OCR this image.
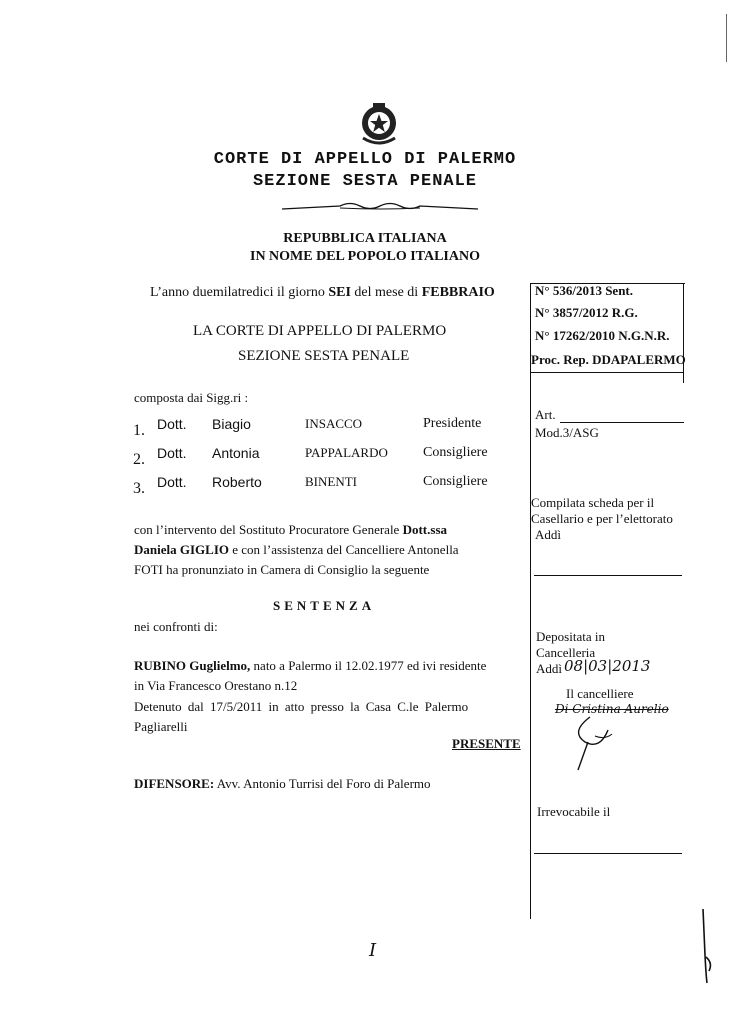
CORTE DI APPELLO DI PALERMO
SEZIONE SESTA PENALE
REPUBBLICA ITALIANA
IN NOME DEL POPOLO ITALIANO
L’anno duemilatredici il giorno SEI del mese di FEBBRAIO
LA CORTE DI APPELLO DI PALERMO
SEZIONE SESTA PENALE
composta dai Sigg.ri :
1. Dott. Biagio	INSACCO	Presidente
2. Dott. Antonia	PAPPALARDO	Consigliere
3. Dott. Roberto	BINENTI	Consigliere
con l’intervento del Sostituto Procuratore Generale Dott.ssa
Daniela GIGLIO e con l’assistenza del Cancelliere Antonella
FOTI ha pronunziato in Camera di Consiglio la seguente
SENTENZA
nei confronti di:
RUBINO Guglielmo, nato a Palermo il 12.02.1977 ed ivi residente
in Via Francesco Orestano n.12
Detenuto dal 17/5/2011 in atto presso la Casa C.le Palermo
Pagliarelli
PRESENTE
DIFENSORE: Avv. Antonio Turrisi del Foro di Palermo
N° 536/2013 Sent.
N° 3857/2012 R.G.
N° 17262/2010 N.G.N.R.
Proc. Rep. DDAPALERMO
Art.
Mod.3/ASG
Compilata scheda per il
Casellario e per l’elettorato
Addì
Depositata in
Cancelleria
Addì 08|03|2013
Il cancelliere
Di Cristina Aurelio
Irrevocabile il
I
